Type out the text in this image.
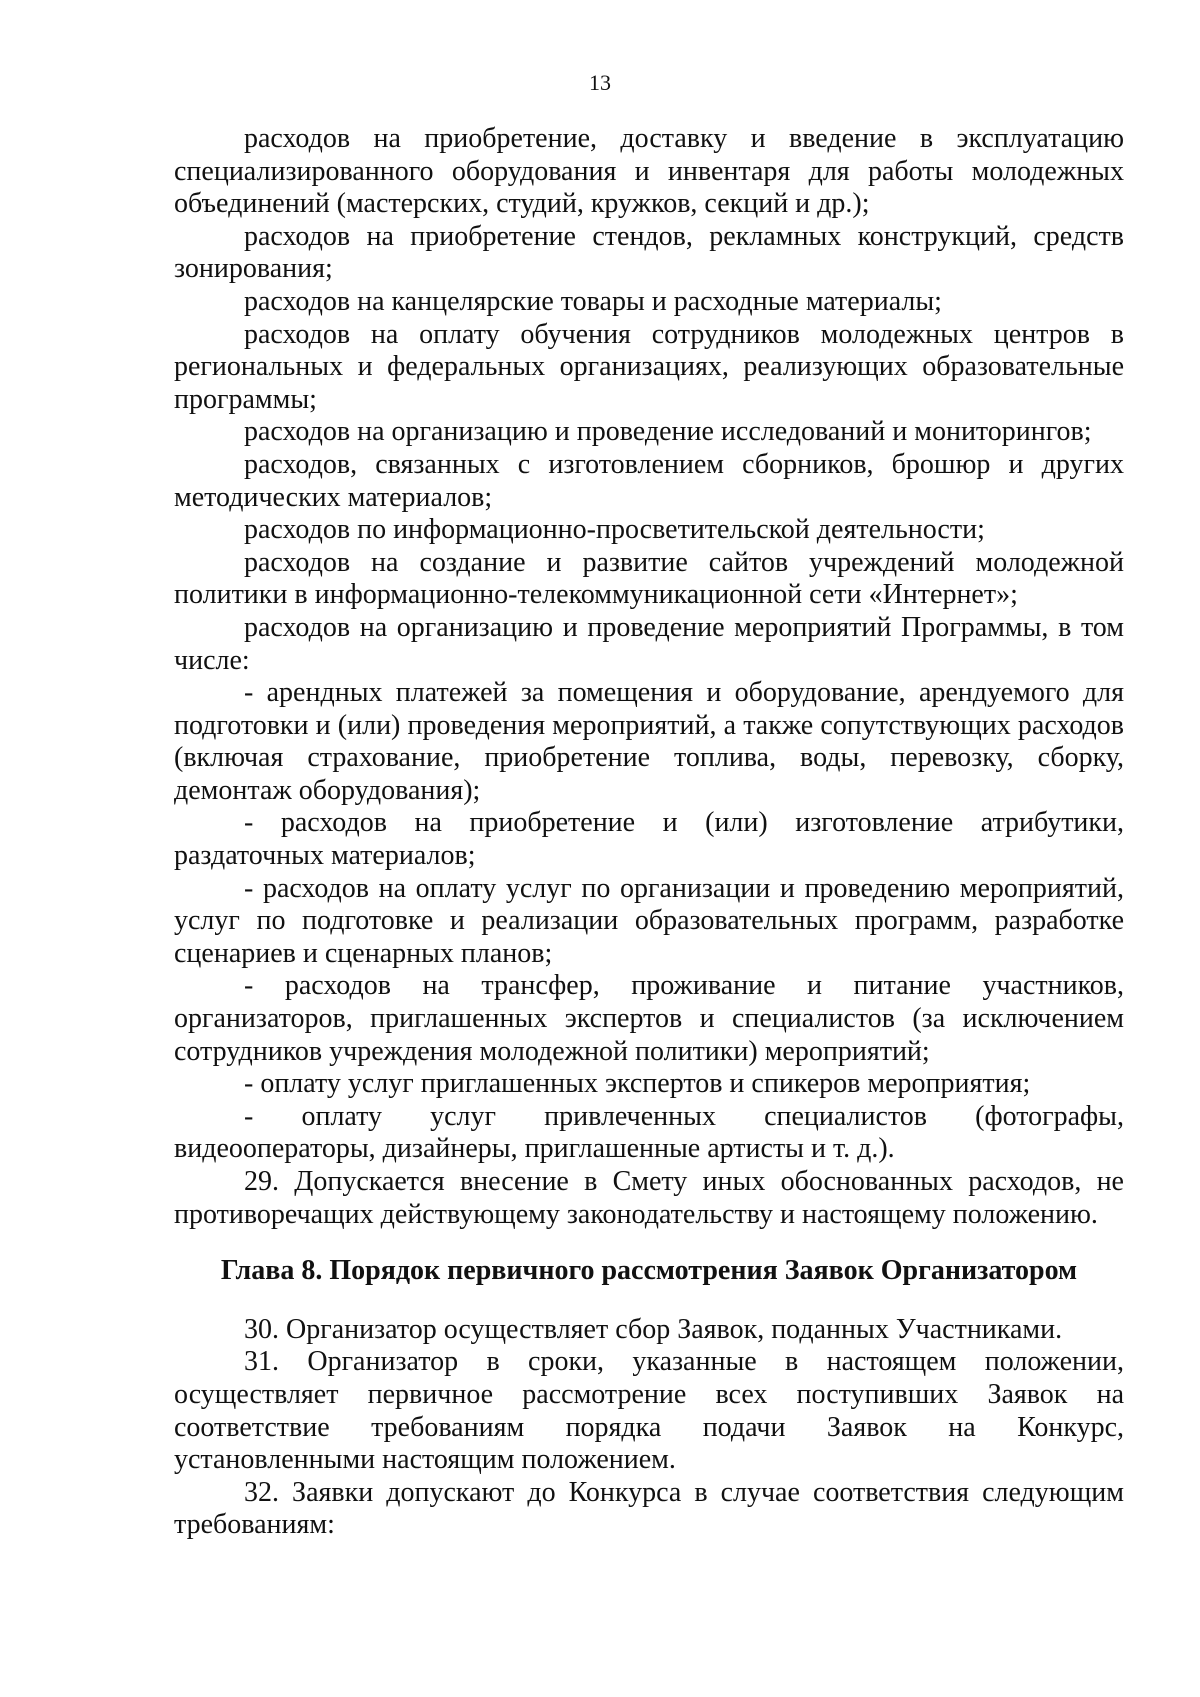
13

расходов на приобретение, доставку и введение в эксплуатацию специализированного оборудования и инвентаря для работы молодежных объединений (мастерских, студий, кружков, секций и др.);

расходов на приобретение стендов, рекламных конструкций, средств зонирования;

расходов на канцелярские товары и расходные материалы;

расходов на оплату обучения сотрудников молодежных центров в региональных и федеральных организациях, реализующих образовательные программы;

расходов на организацию и проведение исследований и мониторингов;

расходов, связанных с изготовлением сборников, брошюр и других методических материалов;

расходов по информационно-просветительской деятельности;

расходов на создание и развитие сайтов учреждений молодежной политики в информационно-телекоммуникационной сети «Интернет»;

расходов на организацию и проведение мероприятий Программы, в том числе:

- арендных платежей за помещения и оборудование, арендуемого для подготовки и (или) проведения мероприятий, а также сопутствующих расходов (включая страхование, приобретение топлива, воды, перевозку, сборку, демонтаж оборудования);

- расходов на приобретение и (или) изготовление атрибутики, раздаточных материалов;

- расходов на оплату услуг по организации и проведению мероприятий, услуг по подготовке и реализации образовательных программ, разработке сценариев и сценарных планов;

- расходов на трансфер, проживание и питание участников, организаторов, приглашенных экспертов и специалистов (за исключением сотрудников учреждения молодежной политики) мероприятий;

- оплату услуг приглашенных экспертов и спикеров мероприятия;

- оплату услуг привлеченных специалистов (фотографы, видеооператоры, дизайнеры, приглашенные артисты и т. д.).

29. Допускается внесение в Смету иных обоснованных расходов, не противоречащих действующему законодательству и настоящему положению.

Глава 8. Порядок первичного рассмотрения Заявок Организатором

30. Организатор осуществляет сбор Заявок, поданных Участниками.

31. Организатор в сроки, указанные в настоящем положении, осуществляет первичное рассмотрение всех поступивших Заявок на соответствие требованиям порядка подачи Заявок на Конкурс, установленными настоящим положением.

32. Заявки допускают до Конкурса в случае соответствия следующим требованиям:
